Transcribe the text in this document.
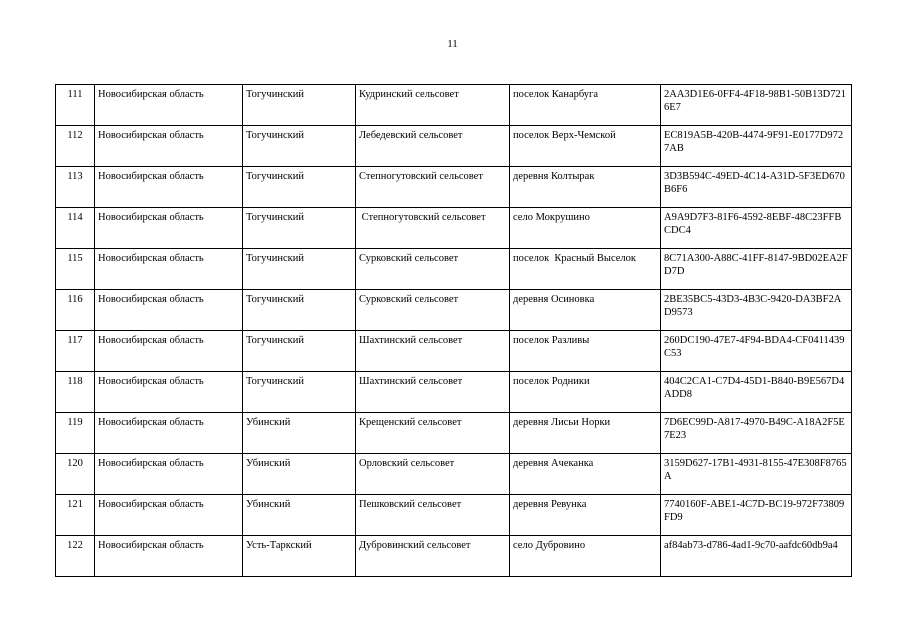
11
111	Новосибирская область	Тогучинский	Кудринский сельсовет	поселок Канарбуга	2AA3D1E6-0FF4-4F18-98B1-50B13D7216E7
112	Новосибирская область	Тогучинский	Лебедевский сельсовет	поселок Верх-Чемской	EC819A5B-420B-4474-9F91-E0177D9727AB
113	Новосибирская область	Тогучинский	Степногутовский сельсовет	деревня Колтырак	3D3B594C-49ED-4C14-A31D-5F3ED670B6F6
114	Новосибирская область	Тогучинский	Степногутовский сельсовет	село Мокрушино	A9A9D7F3-81F6-4592-8EBF-48C23FFBCDC4
115	Новосибирская область	Тогучинский	Сурковский сельсовет	поселок  Красный Выселок	8C71A300-A88C-41FF-8147-9BD02EA2FD7D
116	Новосибирская область	Тогучинский	Сурковский сельсовет	деревня Осиновка	2BE35BC5-43D3-4B3C-9420-DA3BF2AD9573
117	Новосибирская область	Тогучинский	Шахтинский сельсовет	поселок Разливы	260DC190-47E7-4F94-BDA4-CF0411439C53
118	Новосибирская область	Тогучинский	Шахтинский сельсовет	поселок Родники	404C2CA1-C7D4-45D1-B840-B9E567D4ADD8
119	Новосибирская область	Убинский	Крещенский сельсовет	деревня Лисьи Норки	7D6EC99D-A817-4970-B49C-A18A2F5E7E23
120	Новосибирская область	Убинский	Орловский сельсовет	деревня Ачеканка	3159D627-17B1-4931-8155-47E308F8765A
121	Новосибирская область	Убинский	Пешковский сельсовет	деревня Ревунка	7740160F-ABE1-4C7D-BC19-972F73809FD9
122	Новосибирская область	Усть-Таркский	Дубровинский сельсовет	село Дубровино	af84ab73-d786-4ad1-9c70-aafdc60db9a4
